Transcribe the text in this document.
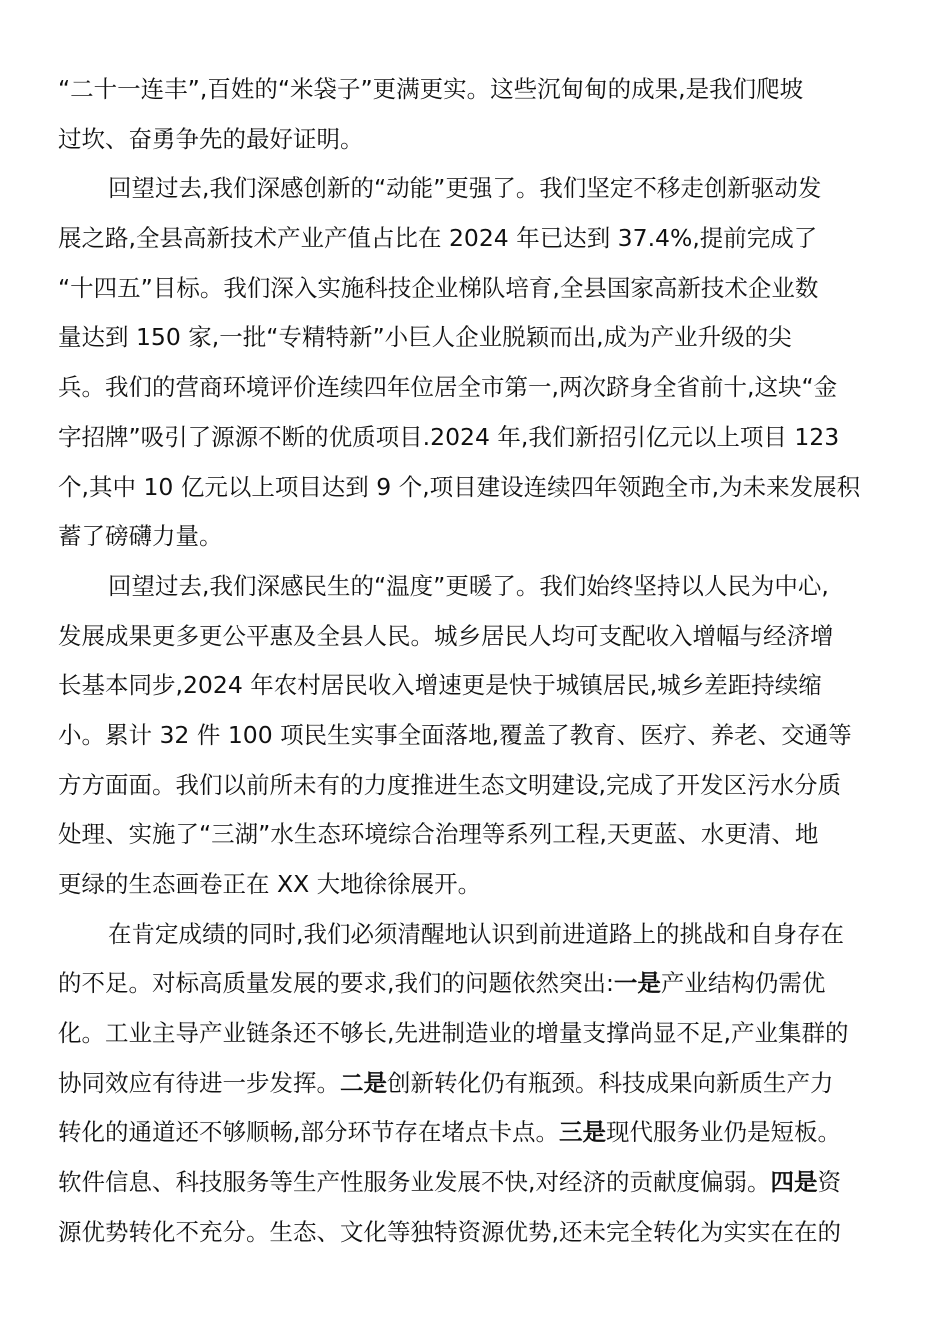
“二十一连丰”,百姓的“米袋子”更满更实。这些沉甸甸的成果,是我们爬坡
过坎、奋勇争先的最好证明。
回望过去,我们深感创新的“动能”更强了。我们坚定不移走创新驱动发
展之路,全县高新技术产业产值占比在 2024 年已达到 37.4%,提前完成了
“十四五”目标。我们深入实施科技企业梯队培育,全县国家高新技术企业数
量达到 150 家,一批“专精特新”小巨人企业脱颖而出,成为产业升级的尖
兵。我们的营商环境评价连续四年位居全市第一,两次跻身全省前十,这块“金
字招牌”吸引了源源不断的优质项目.2024 年,我们新招引亿元以上项目 123
个,其中 10 亿元以上项目达到 9 个,项目建设连续四年领跑全市,为未来发展积
蓄了磅礴力量。
回望过去,我们深感民生的“温度”更暖了。我们始终坚持以人民为中心,
发展成果更多更公平惠及全县人民。城乡居民人均可支配收入增幅与经济增
长基本同步,2024 年农村居民收入增速更是快于城镇居民,城乡差距持续缩
小。累计 32 件 100 项民生实事全面落地,覆盖了教育、医疗、养老、交通等
方方面面。我们以前所未有的力度推进生态文明建设,完成了开发区污水分质
处理、实施了“三湖”水生态环境综合治理等系列工程,天更蓝、水更清、地
更绿的生态画卷正在 XX 大地徐徐展开。
在肯定成绩的同时,我们必须清醒地认识到前进道路上的挑战和自身存在
的不足。对标高质量发展的要求,我们的问题依然突出:一是产业结构仍需优
化。工业主导产业链条还不够长,先进制造业的增量支撑尚显不足,产业集群的
协同效应有待进一步发挥。二是创新转化仍有瓶颈。科技成果向新质生产力
转化的通道还不够顺畅,部分环节存在堵点卡点。三是现代服务业仍是短板。
软件信息、科技服务等生产性服务业发展不快,对经济的贡献度偏弱。四是资
源优势转化不充分。生态、文化等独特资源优势,还未完全转化为实实在在的
